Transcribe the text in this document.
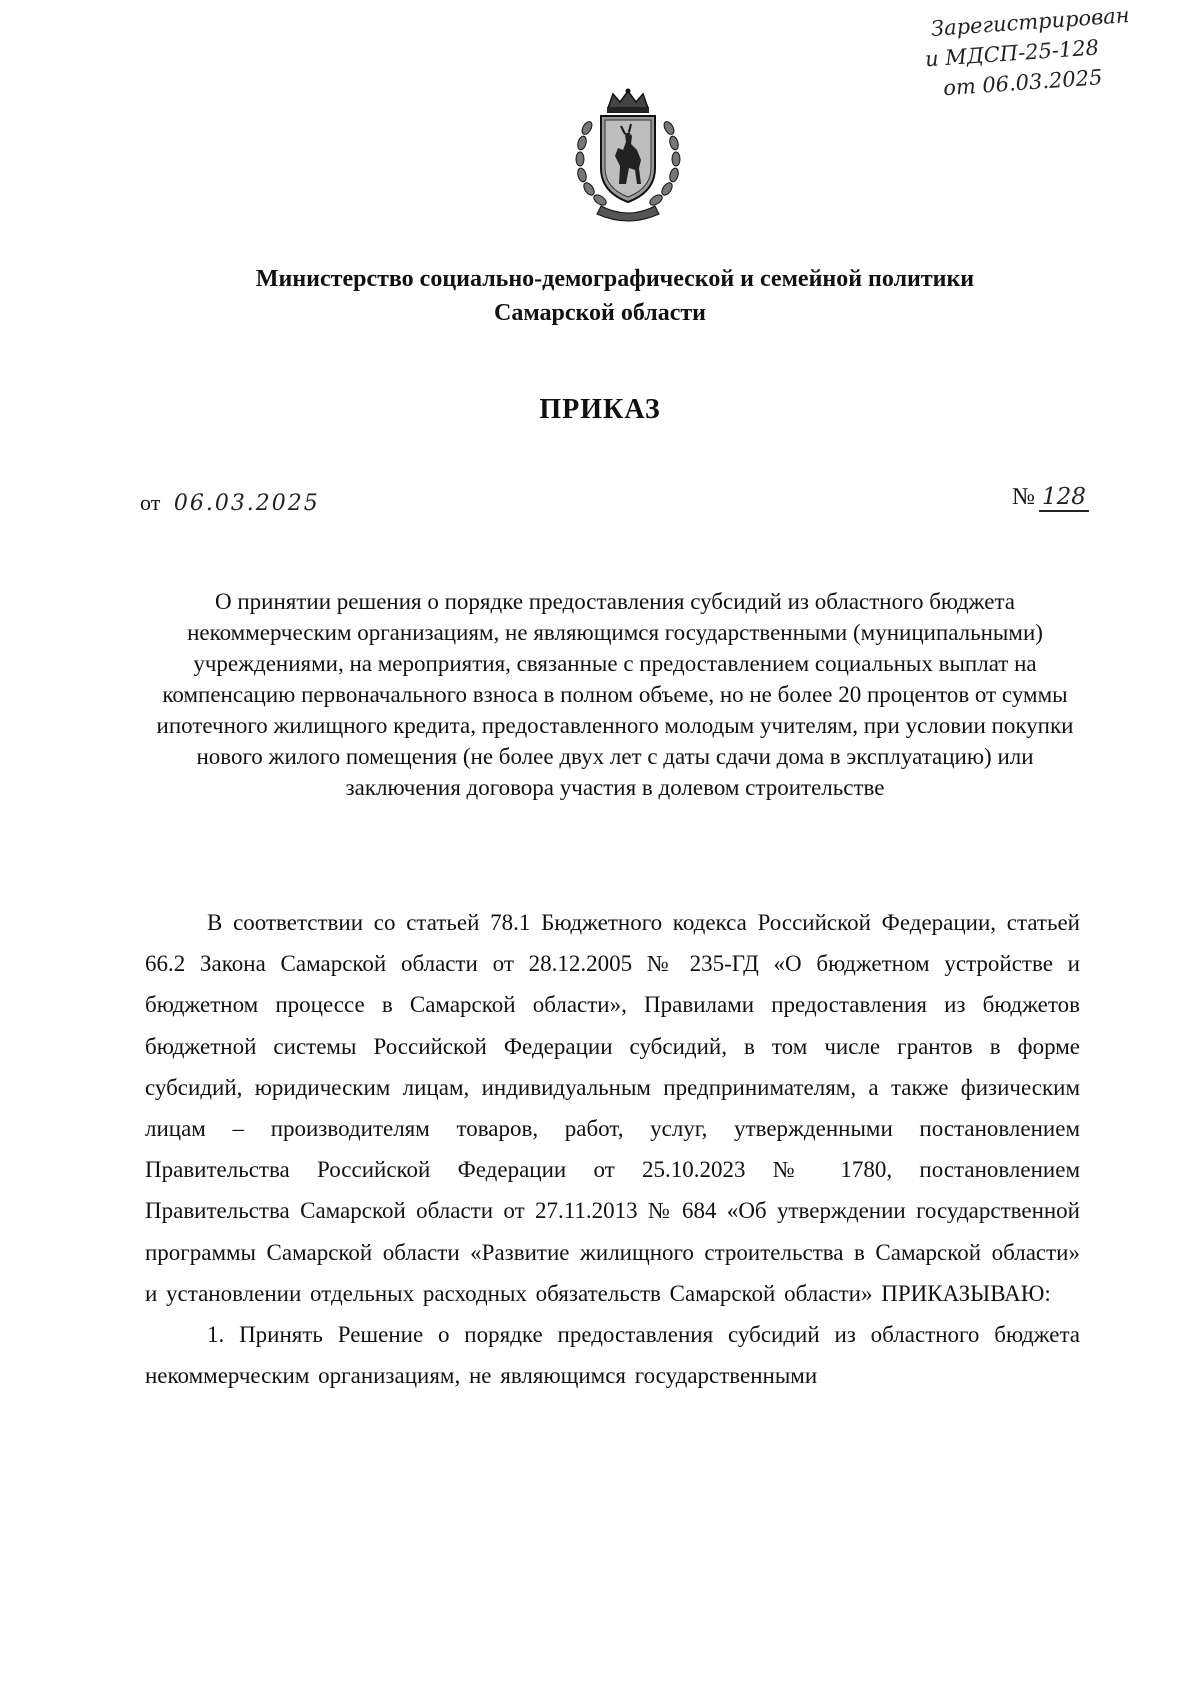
Зарегистрирован
и МДСП-25-128
от 06.03.2025
Министерство социально-демографической и семейной политики
Самарской области
ПРИКАЗ
от 06.03.2025	№ 128
О принятии решения о порядке предоставления субсидий из областного бюджета некоммерческим организациям, не являющимся государственными (муниципальными) учреждениями, на мероприятия, связанные с предоставлением социальных выплат на компенсацию первоначального взноса в полном объеме, но не более 20 процентов от суммы ипотечного жилищного кредита, предоставленного молодым учителям, при условии покупки нового жилого помещения (не более двух лет с даты сдачи дома в эксплуатацию) или заключения договора участия в долевом строительстве

В соответствии со статьей 78.1 Бюджетного кодекса Российской Федерации, статьей 66.2 Закона Самарской области от 28.12.2005 № 235-ГД «О бюджетном устройстве и бюджетном процессе в Самарской области», Правилами предоставления из бюджетов бюджетной системы Российской Федерации субсидий, в том числе грантов в форме субсидий, юридическим лицам, индивидуальным предпринимателям, а также физическим лицам – производителям товаров, работ, услуг, утвержденными постановлением Правительства Российской Федерации от 25.10.2023 № 1780, постановлением Правительства Самарской области от 27.11.2013 № 684 «Об утверждении государственной программы Самарской области «Развитие жилищного строительства в Самарской области» и установлении отдельных расходных обязательств Самарской области» ПРИКАЗЫВАЮ:

1. Принять Решение о порядке предоставления субсидий из областного бюджета некоммерческим организациям, не являющимся государственными
